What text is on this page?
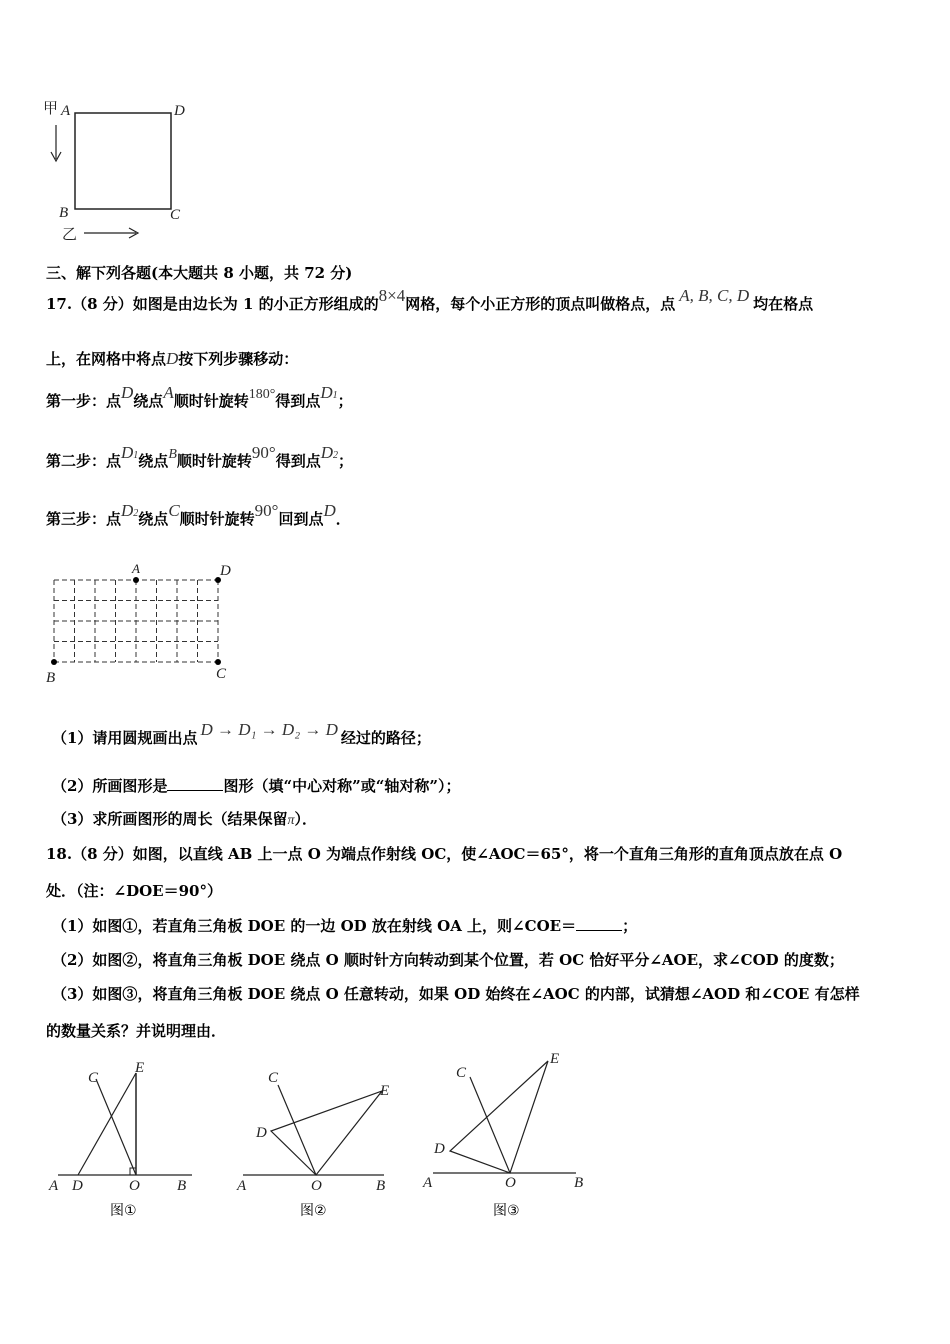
甲 A	D
B	C
乙
三、解下列各题(本大题共 8 小题，共 72 分)
17.（8 分）如图是由边长为 1 的小正方形组成的8×4网格，每个小正方形的顶点叫做格点，点 A, B, C, D 均在格点
上，在网格中将点D按下列步骤移动：
第一步：点D绕点A顺时针旋转180°得到点D1；
第二步：点D1绕点B顺时针旋转90°得到点D2；
第三步：点D2绕点C顺时针旋转90°回到点D．
A	D
B	C
（1）请用圆规画出点 D → D₁ → D₂ → D 经过的路径；
（2）所画图形是	图形（填“中心对称”或“轴对称”）；
（3）求所画图形的周长（结果保留π）．
18.（8 分）如图，以直线 AB 上一点 O 为端点作射线 OC，使∠AOC＝65°，将一个直角三角形的直角顶点放在点 O
处．（注：∠DOE＝90°）
（1）如图①，若直角三角板 DOE 的一边 OD 放在射线 OA 上，则∠COE＝	；
（2）如图②，将直角三角板 DOE 绕点 O 顺时针方向转动到某个位置，若 OC 恰好平分∠AOE，求∠COD 的度数；
（3）如图③，将直角三角板 DOE 绕点 O 任意转动，如果 OD 始终在∠AOC 的内部，试猜想∠AOD 和∠COE 有怎样
的数量关系？并说明理由．
C
E
A D	O B
图①
C
E
D
A	O	B
图②
C
E
D
A	O	B
图③
